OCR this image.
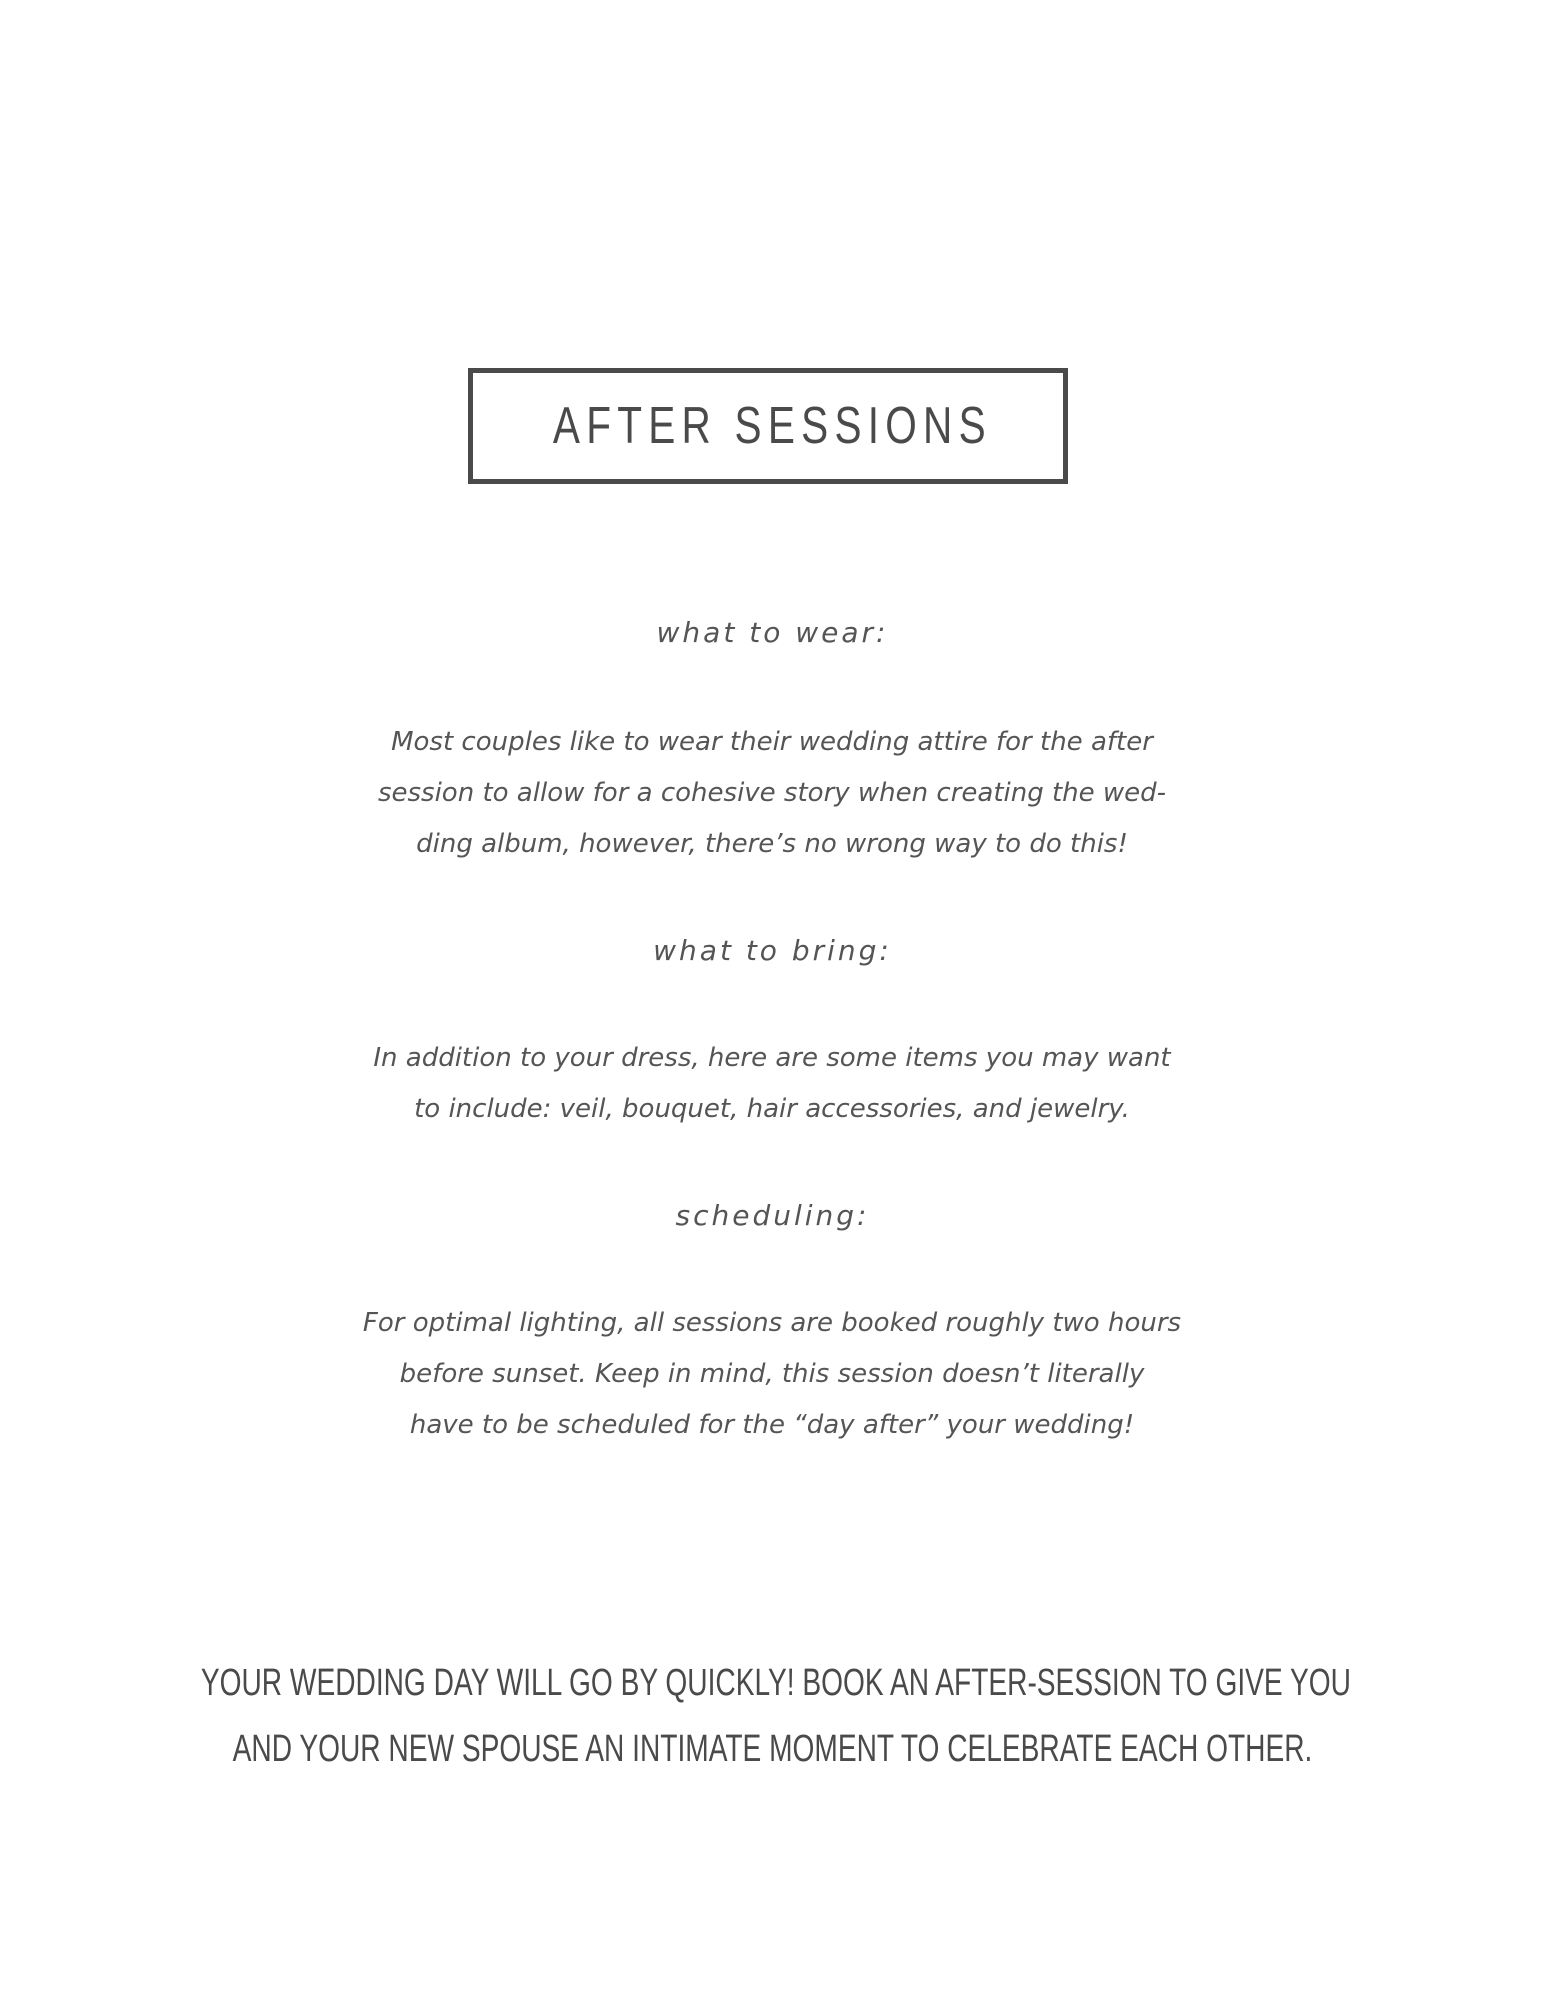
AFTER SESSIONS
what to wear:

Most couples like to wear their wedding attire for the after
session to allow for a cohesive story when creating the wed-
ding album, however, there’s no wrong way to do this!

what to bring:

In addition to your dress, here are some items you may want
to include: veil, bouquet, hair accessories, and jewelry.

scheduling:

For optimal lighting, all sessions are booked roughly two hours
before sunset. Keep in mind, this session doesn’t literally
have to be scheduled for the “day after” your wedding!

YOUR WEDDING DAY WILL GO BY QUICKLY! BOOK AN AFTER-SESSION TO GIVE YOU
AND YOUR NEW SPOUSE AN INTIMATE MOMENT TO CELEBRATE EACH OTHER.
